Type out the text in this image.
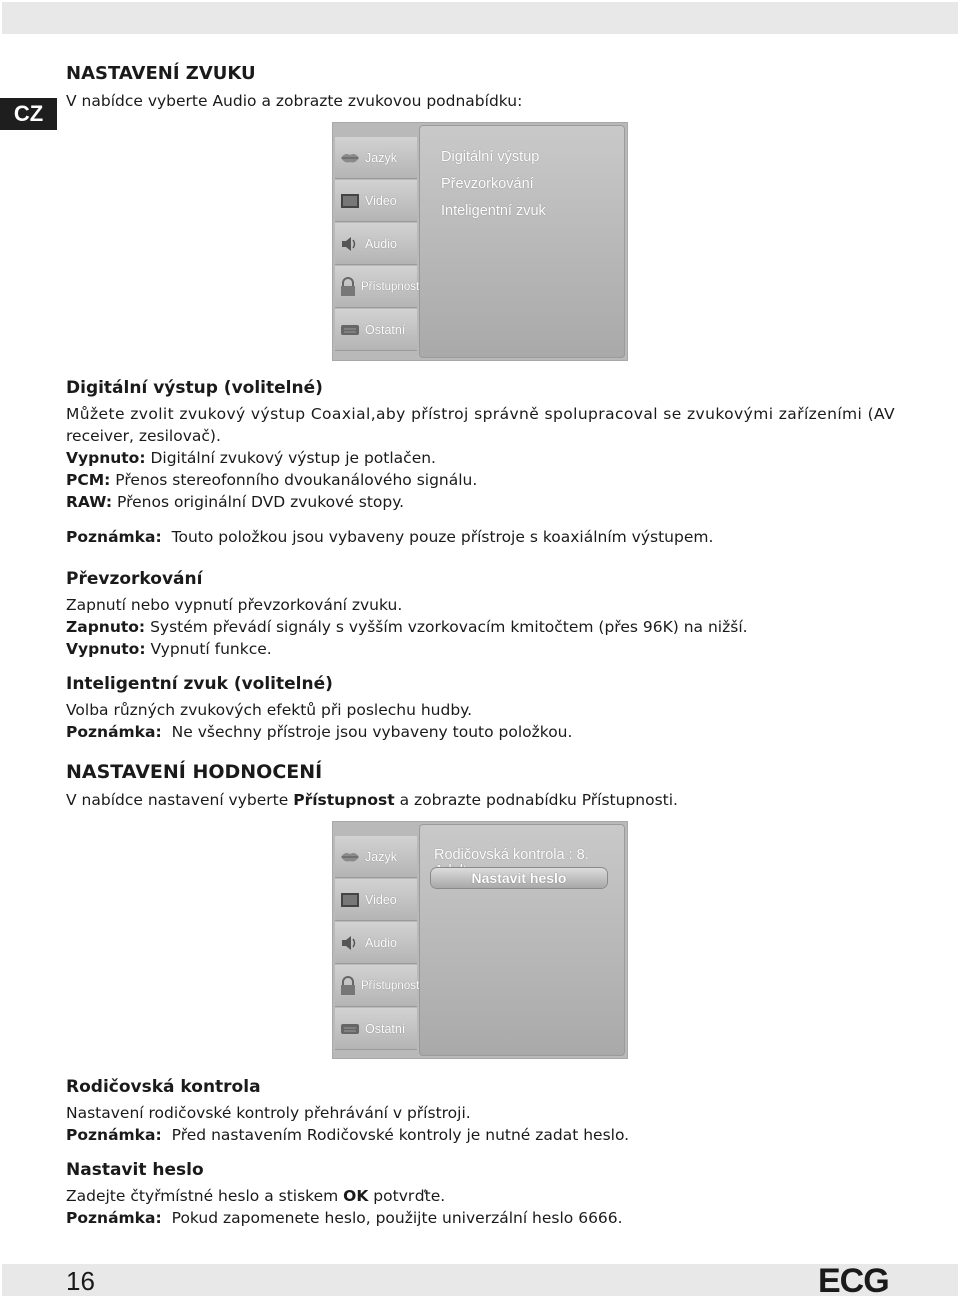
CZ
NASTAVENÍ ZVUKU
V nabídce vyberte Audio a zobrazte zvukovou podnabídku:
Jazyk
Video
Audio
Přístupnost
Ostatní
Digitální výstup
Převzorkování
Inteligentní zvuk
Digitální výstup (volitelné)
Můžete zvolit zvukový výstup Coaxial,aby přístroj správně spolupracoval se zvukovými zařízeními (AV
receiver, zesilovač).
Vypnuto: Digitální zvukový výstup je potlačen.
PCM: Přenos stereofonního dvoukanálového signálu.
RAW: Přenos originální DVD zvukové stopy.
Poznámka: Touto položkou jsou vybaveny pouze přístroje s koaxiálním výstupem.
Převzorkování
Zapnutí nebo vypnutí převzorkování zvuku.
Zapnuto: Systém převádí signály s vyšším vzorkovacím kmitočtem (přes 96K) na nižší.
Vypnuto: Vypnutí funkce.
Inteligentní zvuk (volitelné)
Volba různých zvukových efektů při poslechu hudby.
Poznámka: Ne všechny přístroje jsou vybaveny touto položkou.
NASTAVENÍ HODNOCENÍ
V nabídce nastavení vyberte Přístupnost a zobrazte podnabídku Přístupnosti.
Jazyk
Video
Audio
Přístupnost
Ostatní
Rodičovská kontrola : 8.
Nastavit heslo
Rodičovská kontrola
Nastavení rodičovské kontroly přehrávání v přístroji.
Poznámka: Před nastavením Rodičovské kontroly je nutné zadat heslo.
Nastavit heslo
Zadejte čtyřmístné heslo a stiskem OK potvrďte.
Poznámka: Pokud zapomenete heslo, použijte univerzální heslo 6666.
16	ECG
